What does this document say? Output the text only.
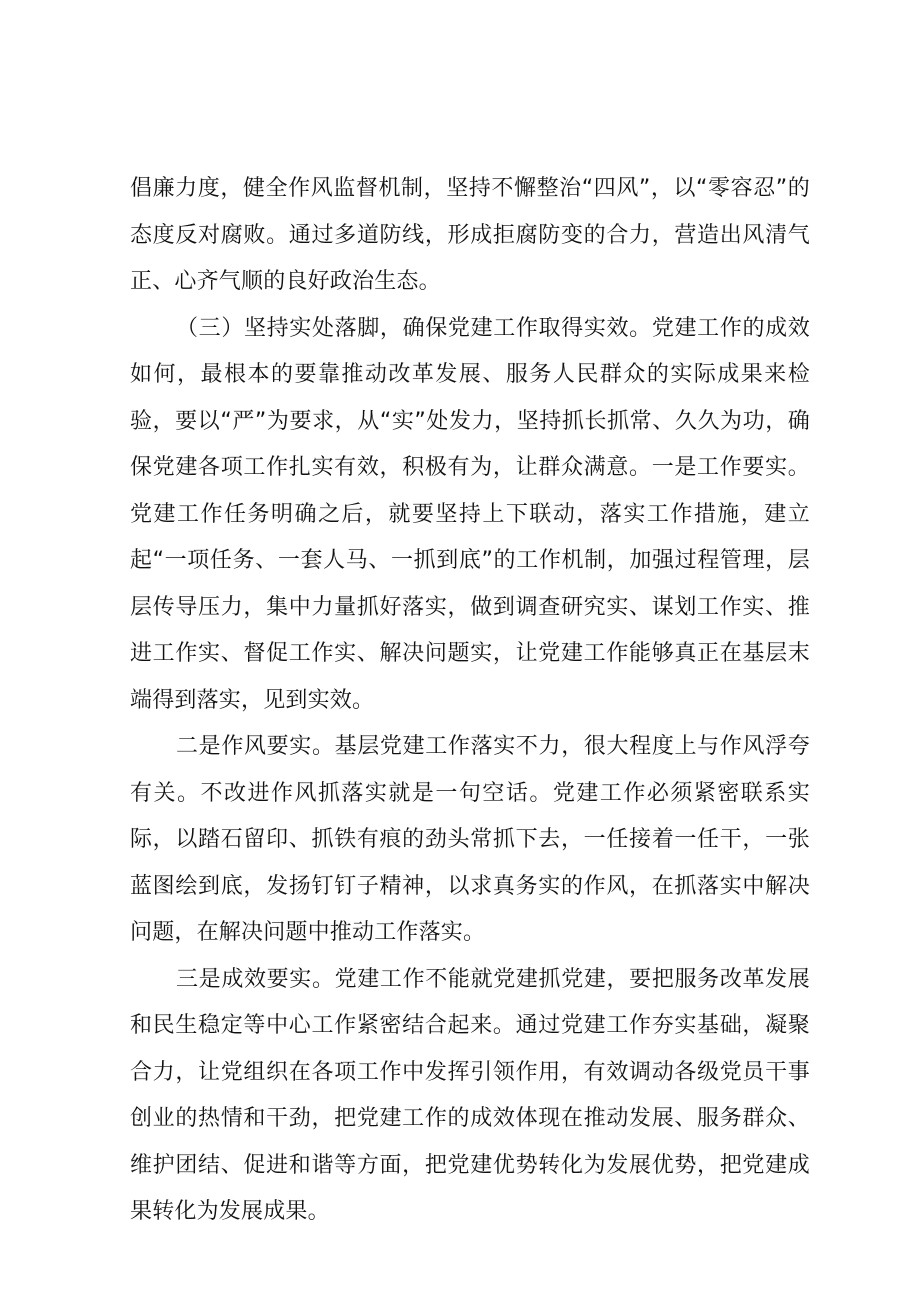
倡廉力度，健全作风监督机制，坚持不懈整治“四风”，以“零容忍”的态度反对腐败。通过多道防线，形成拒腐防变的合力，营造出风清气正、心齐气顺的良好政治生态。

（三）坚持实处落脚，确保党建工作取得实效。党建工作的成效如何，最根本的要靠推动改革发展、服务人民群众的实际成果来检验，要以“严”为要求，从“实”处发力，坚持抓长抓常、久久为功，确保党建各项工作扎实有效，积极有为，让群众满意。一是工作要实。党建工作任务明确之后，就要坚持上下联动，落实工作措施，建立起“一项任务、一套人马、一抓到底”的工作机制，加强过程管理，层层传导压力，集中力量抓好落实，做到调查研究实、谋划工作实、推进工作实、督促工作实、解决问题实，让党建工作能够真正在基层末端得到落实，见到实效。

二是作风要实。基层党建工作落实不力，很大程度上与作风浮夸有关。不改进作风抓落实就是一句空话。党建工作必须紧密联系实际，以踏石留印、抓铁有痕的劲头常抓下去，一任接着一任干，一张蓝图绘到底，发扬钉钉子精神，以求真务实的作风，在抓落实中解决问题，在解决问题中推动工作落实。

三是成效要实。党建工作不能就党建抓党建，要把服务改革发展和民生稳定等中心工作紧密结合起来。通过党建工作夯实基础，凝聚合力，让党组织在各项工作中发挥引领作用，有效调动各级党员干事创业的热情和干劲，把党建工作的成效体现在推动发展、服务群众、维护团结、促进和谐等方面，把党建优势转化为发展优势，把党建成果转化为发展成果。
